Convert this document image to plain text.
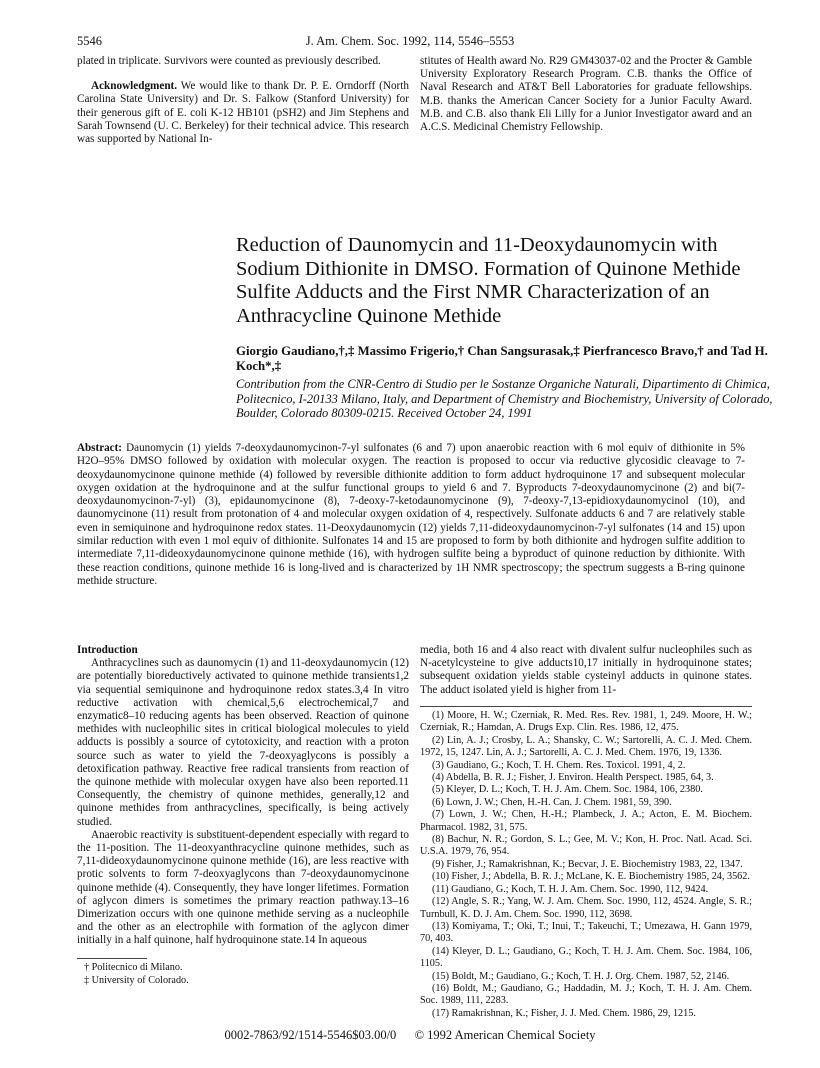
5546	J. Am. Chem. Soc. 1992, 114, 5546–5553

plated in triplicate. Survivors were counted as previously described.

Acknowledgment. We would like to thank Dr. P. E. Orndorff (North Carolina State University) and Dr. S. Falkow (Stanford University) for their generous gift of E. coli K-12 HB101 (pSH2) and Jim Stephens and Sarah Townsend (U. C. Berkeley) for their technical advice. This research was supported by National In-

stitutes of Health award No. R29 GM43037-02 and the Procter & Gamble University Exploratory Research Program. C.B. thanks the Office of Naval Research and AT&T Bell Laboratories for graduate fellowships. M.B. thanks the American Cancer Society for a Junior Faculty Award. M.B. and C.B. also thank Eli Lilly for a Junior Investigator award and an A.C.S. Medicinal Chemistry Fellowship.

Reduction of Daunomycin and 11-Deoxydaunomycin with Sodium Dithionite in DMSO. Formation of Quinone Methide Sulfite Adducts and the First NMR Characterization of an Anthracycline Quinone Methide
Giorgio Gaudiano,†,‡ Massimo Frigerio,† Chan Sangsurasak,‡ Pierfrancesco Bravo,† and Tad H. Koch*,‡
Contribution from the CNR-Centro di Studio per le Sostanze Organiche Naturali, Dipartimento di Chimica, Politecnico, I-20133 Milano, Italy, and Department of Chemistry and Biochemistry, University of Colorado, Boulder, Colorado 80309-0215. Received October 24, 1991
Abstract: Daunomycin (1) yields 7-deoxydaunomycinon-7-yl sulfonates (6 and 7) upon anaerobic reaction with 6 mol equiv of dithionite in 5% H2O–95% DMSO followed by oxidation with molecular oxygen. The reaction is proposed to occur via reductive glycosidic cleavage to 7-deoxydaunomycinone quinone methide (4) followed by reversible dithionite addition to form adduct hydroquinone 17 and subsequent molecular oxygen oxidation at the hydroquinone and at the sulfur functional groups to yield 6 and 7. Byproducts 7-deoxydaunomycinone (2) and bi(7-deoxydaunomycinon-7-yl) (3), epidaunomycinone (8), 7-deoxy-7-ketodaunomycinone (9), 7-deoxy-7,13-epidioxydaunomycinol (10), and daunomycinone (11) result from protonation of 4 and molecular oxygen oxidation of 4, respectively. Sulfonate adducts 6 and 7 are relatively stable even in semiquinone and hydroquinone redox states. 11-Deoxydaunomycin (12) yields 7,11-dideoxydaunomycinon-7-yl sulfonates (14 and 15) upon similar reduction with even 1 mol equiv of dithionite. Sulfonates 14 and 15 are proposed to form by both dithionite and hydrogen sulfite addition to intermediate 7,11-dideoxydaunomycinone quinone methide (16), with hydrogen sulfite being a byproduct of quinone reduction by dithionite. With these reaction conditions, quinone methide 16 is long-lived and is characterized by 1H NMR spectroscopy; the spectrum suggests a B-ring quinone methide structure.

Introduction

Anthracyclines such as daunomycin (1) and 11-deoxydaunomycin (12) are potentially bioreductively activated to quinone methide transients1,2 via sequential semiquinone and hydroquinone redox states.3,4 In vitro reductive activation with chemical,5,6 electrochemical,7 and enzymatic8–10 reducing agents has been observed. Reaction of quinone methides with nucleophilic sites in critical biological molecules to yield adducts is possibly a source of cytotoxicity, and reaction with a proton source such as water to yield the 7-deoxyaglycons is possibly a detoxification pathway. Reactive free radical transients from reaction of the quinone methide with molecular oxygen have also been reported.11 Consequently, the chemistry of quinone methides, generally,12 and quinone methides from anthracyclines, specifically, is being actively studied.

Anaerobic reactivity is substituent-dependent especially with regard to the 11-position. The 11-deoxyanthracycline quinone methides, such as 7,11-dideoxydaunomycinone quinone methide (16), are less reactive with protic solvents to form 7-deoxyaglycons than 7-deoxydaunomycinone quinone methide (4). Consequently, they have longer lifetimes. Formation of aglycon dimers is sometimes the primary reaction pathway.13–16 Dimerization occurs with one quinone methide serving as a nucleophile and the other as an electrophile with formation of the aglycon dimer initially in a half quinone, half hydroquinone state.14 In aqueous

† Politecnico di Milano.
‡ University of Colorado.

media, both 16 and 4 also react with divalent sulfur nucleophiles such as N-acetylcysteine to give adducts10,17 initially in hydroquinone states; subsequent oxidation yields stable cysteinyl adducts in quinone states. The adduct isolated yield is higher from 11-

(1) Moore, H. W.; Czerniak, R. Med. Res. Rev. 1981, 1, 249. Moore, H. W.; Czerniak, R.; Hamdan, A. Drugs Exp. Clin. Res. 1986, 12, 475.

(2) Lin, A. J.; Crosby, L. A.; Shansky, C. W.; Sartorelli, A. C. J. Med. Chem. 1972, 15, 1247. Lin, A. J.; Sartorelli, A. C. J. Med. Chem. 1976, 19, 1336.

(3) Gaudiano, G.; Koch, T. H. Chem. Res. Toxicol. 1991, 4, 2.

(4) Abdella, B. R. J.; Fisher, J. Environ. Health Perspect. 1985, 64, 3.

(5) Kleyer, D. L.; Koch, T. H. J. Am. Chem. Soc. 1984, 106, 2380.

(6) Lown, J. W.; Chen, H.-H. Can. J. Chem. 1981, 59, 390.

(7) Lown, J. W.; Chen, H.-H.; Plambeck, J. A.; Acton, E. M. Biochem. Pharmacol. 1982, 31, 575.

(8) Bachur, N. R.; Gordon, S. L.; Gee, M. V.; Kon, H. Proc. Natl. Acad. Sci. U.S.A. 1979, 76, 954.

(9) Fisher, J.; Ramakrishnan, K.; Becvar, J. E. Biochemistry 1983, 22, 1347.

(10) Fisher, J.; Abdella, B. R. J.; McLane, K. E. Biochemistry 1985, 24, 3562.

(11) Gaudiano, G.; Koch, T. H. J. Am. Chem. Soc. 1990, 112, 9424.

(12) Angle, S. R.; Yang, W. J. Am. Chem. Soc. 1990, 112, 4524. Angle, S. R.; Turnbull, K. D. J. Am. Chem. Soc. 1990, 112, 3698.

(13) Komiyama, T.; Oki, T.; Inui, T.; Takeuchi, T.; Umezawa, H. Gann 1979, 70, 403.

(14) Kleyer, D. L.; Gaudiano, G.; Koch, T. H. J. Am. Chem. Soc. 1984, 106, 1105.

(15) Boldt, M.; Gaudiano, G.; Koch, T. H. J. Org. Chem. 1987, 52, 2146.

(16) Boldt, M.; Gaudiano, G.; Haddadin, M. J.; Koch, T. H. J. Am. Chem. Soc. 1989, 111, 2283.

(17) Ramakrishnan, K.; Fisher, J. J. Med. Chem. 1986, 29, 1215.

0002-7863/92/1514-5546$03.00/0 © 1992 American Chemical Society
